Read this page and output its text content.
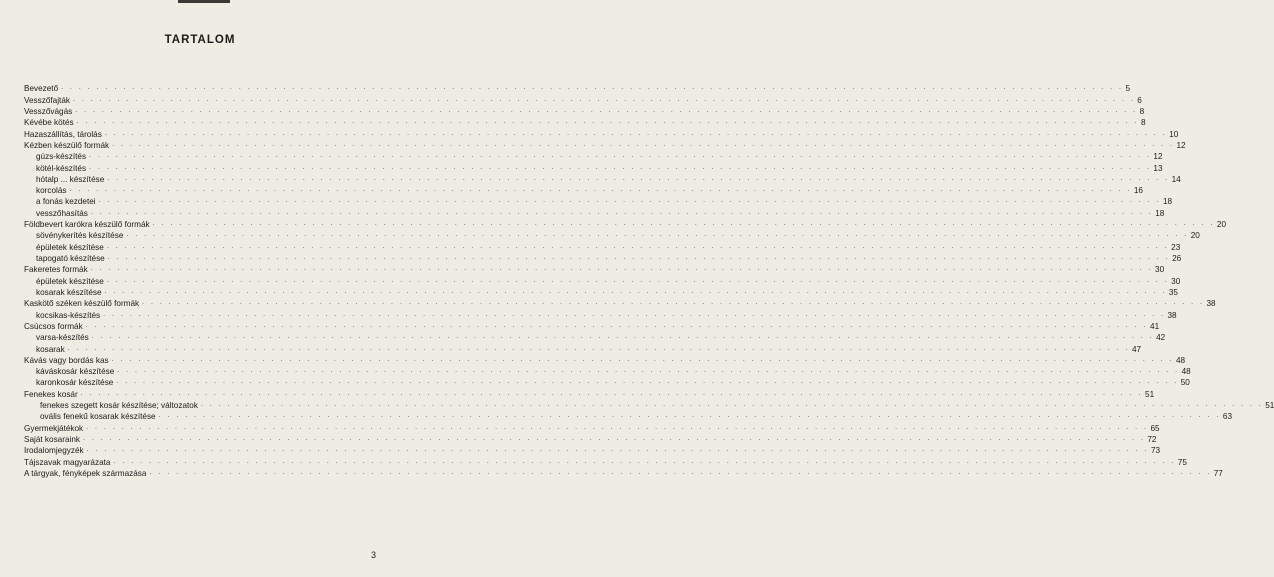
TARTALOM
Bevezető . . . . . . . . . . . . . . . . . . . . . . . . . . . . . . . . . . . . . . . . . . . . . . . . . . . . . . . . . . . . . . . . . . . . . . . . . . . . . . . . . . . . . . . . . . . . . . . . . . . . . . . . . . . . . . . . . . . . . . . . 5
Vesszőfajták . . . . . . . . . . . . . . . . . . . . . . . . . . . . . . . . . . . . . . . . . . . . . . . . . . . . . . . . . . . . . . . . . . . . . . . . . . . . . . . . . . . . . . . . . . . . . . . . . . . . . . . . . . . . . . . . . . . . . . . . 6
Vesszővágás . . . . . . . . . . . . . . . . . . . . . . . . . . . . . . . . . . . . . . . . . . . . . . . . . . . . . . . . . . . . . . . . . . . . . . . . . . . . . . . . . . . . . . . . . . . . . . . . . . . . . . . . . . . . . . . . . . . . . . . . 8
Kévébe kötés . . . . . . . . . . . . . . . . . . . . . . . . . . . . . . . . . . . . . . . . . . . . . . . . . . . . . . . . . . . . . . . . . . . . . . . . . . . . . . . . . . . . . . . . . . . . . . . . . . . . . . . . . . . . . . . . . . . . . . . . 8
Hazaszállítás, tárolás . . . . . . . . . . . . . . . . . . . . . . . . . . . . . . . . . . . . . . . . . . . . . . . . . . . . . . . . . . . . . . . . . . . . . . . . . . . . . . . . . . . . . . . . . . . . . . . . . . . . . . . . . . . . . . . . . . . . . . . . 10
Kézben készülő formák . . . . . . . . . . . . . . . . . . . . . . . . . . . . . . . . . . . . . . . . . . . . . . . . . . . . . . . . . . . . . . . . . . . . . . . . . . . . . . . . . . . . . . . . . . . . . . . . . . . . . . . . . . . . . . . . . . . . . . . . 12
gúzs-készítés . . . . . . . . . . . . . . . . . . . . . . . . . . . . . . . . . . . . . . . . . . . . . . . . . . . . . . . . . . . . . . . . . . . . . . . . . . . . . . . . . . . . . . . . . . . . . . . . . . . . . . . . . . . . . . . . . . . . . . . . 12
kötél-készítés . . . . . . . . . . . . . . . . . . . . . . . . . . . . . . . . . . . . . . . . . . . . . . . . . . . . . . . . . . . . . . . . . . . . . . . . . . . . . . . . . . . . . . . . . . . . . . . . . . . . . . . . . . . . . . . . . . . . . . . . 13
hótalp ... készítése . . . . . . . . . . . . . . . . . . . . . . . . . . . . . . . . . . . . . . . . . . . . . . . . . . . . . . . . . . . . . . . . . . . . . . . . . . . . . . . . . . . . . . . . . . . . . . . . . . . . . . . . . . . . . . . . . . . . . . . . 14
korcolás . . . . . . . . . . . . . . . . . . . . . . . . . . . . . . . . . . . . . . . . . . . . . . . . . . . . . . . . . . . . . . . . . . . . . . . . . . . . . . . . . . . . . . . . . . . . . . . . . . . . . . . . . . . . . . . . . . . . . . . . 16
a fonás kezdetei . . . . . . . . . . . . . . . . . . . . . . . . . . . . . . . . . . . . . . . . . . . . . . . . . . . . . . . . . . . . . . . . . . . . . . . . . . . . . . . . . . . . . . . . . . . . . . . . . . . . . . . . . . . . . . . . . . . . . . . . 18
vesszőhasítás . . . . . . . . . . . . . . . . . . . . . . . . . . . . . . . . . . . . . . . . . . . . . . . . . . . . . . . . . . . . . . . . . . . . . . . . . . . . . . . . . . . . . . . . . . . . . . . . . . . . . . . . . . . . . . . . . . . . . . . . 18
Földbevert karókra készülő formák . . . . . . . . . . . . . . . . . . . . . . . . . . . . . . . . . . . . . . . . . . . . . . . . . . . . . . . . . . . . . . . . . . . . . . . . . . . . . . . . . . . . . . . . . . . . . . . . . . . . . . . . . . . . . . . . . . . . . . . . 20
sövénykerítés készítése . . . . . . . . . . . . . . . . . . . . . . . . . . . . . . . . . . . . . . . . . . . . . . . . . . . . . . . . . . . . . . . . . . . . . . . . . . . . . . . . . . . . . . . . . . . . . . . . . . . . . . . . . . . . . . . . . . . . . . . . 20
épületek készítése . . . . . . . . . . . . . . . . . . . . . . . . . . . . . . . . . . . . . . . . . . . . . . . . . . . . . . . . . . . . . . . . . . . . . . . . . . . . . . . . . . . . . . . . . . . . . . . . . . . . . . . . . . . . . . . . . . . . . . . . 23
tapogató készítése . . . . . . . . . . . . . . . . . . . . . . . . . . . . . . . . . . . . . . . . . . . . . . . . . . . . . . . . . . . . . . . . . . . . . . . . . . . . . . . . . . . . . . . . . . . . . . . . . . . . . . . . . . . . . . . . . . . . . . . . 26
Fakeretes formák . . . . . . . . . . . . . . . . . . . . . . . . . . . . . . . . . . . . . . . . . . . . . . . . . . . . . . . . . . . . . . . . . . . . . . . . . . . . . . . . . . . . . . . . . . . . . . . . . . . . . . . . . . . . . . . . . . . . . . . . 30
épületek készítése . . . . . . . . . . . . . . . . . . . . . . . . . . . . . . . . . . . . . . . . . . . . . . . . . . . . . . . . . . . . . . . . . . . . . . . . . . . . . . . . . . . . . . . . . . . . . . . . . . . . . . . . . . . . . . . . . . . . . . . . 30
kosarak készítése . . . . . . . . . . . . . . . . . . . . . . . . . . . . . . . . . . . . . . . . . . . . . . . . . . . . . . . . . . . . . . . . . . . . . . . . . . . . . . . . . . . . . . . . . . . . . . . . . . . . . . . . . . . . . . . . . . . . . . . . 35
Kaskötő széken készülő formák . . . . . . . . . . . . . . . . . . . . . . . . . . . . . . . . . . . . . . . . . . . . . . . . . . . . . . . . . . . . . . . . . . . . . . . . . . . . . . . . . . . . . . . . . . . . . . . . . . . . . . . . . . . . . . . . . . . . . . . . 38
kocsikas-készítés . . . . . . . . . . . . . . . . . . . . . . . . . . . . . . . . . . . . . . . . . . . . . . . . . . . . . . . . . . . . . . . . . . . . . . . . . . . . . . . . . . . . . . . . . . . . . . . . . . . . . . . . . . . . . . . . . . . . . . . . 38
Csúcsos formák . . . . . . . . . . . . . . . . . . . . . . . . . . . . . . . . . . . . . . . . . . . . . . . . . . . . . . . . . . . . . . . . . . . . . . . . . . . . . . . . . . . . . . . . . . . . . . . . . . . . . . . . . . . . . . . . . . . . . . . . 41
varsa-készítés . . . . . . . . . . . . . . . . . . . . . . . . . . . . . . . . . . . . . . . . . . . . . . . . . . . . . . . . . . . . . . . . . . . . . . . . . . . . . . . . . . . . . . . . . . . . . . . . . . . . . . . . . . . . . . . . . . . . . . . . 42
kosarak . . . . . . . . . . . . . . . . . . . . . . . . . . . . . . . . . . . . . . . . . . . . . . . . . . . . . . . . . . . . . . . . . . . . . . . . . . . . . . . . . . . . . . . . . . . . . . . . . . . . . . . . . . . . . . . . . . . . . . . . 47
Kávás vagy bordás kas . . . . . . . . . . . . . . . . . . . . . . . . . . . . . . . . . . . . . . . . . . . . . . . . . . . . . . . . . . . . . . . . . . . . . . . . . . . . . . . . . . . . . . . . . . . . . . . . . . . . . . . . . . . . . . . . . . . . . . . . 48
káváskosár készítése . . . . . . . . . . . . . . . . . . . . . . . . . . . . . . . . . . . . . . . . . . . . . . . . . . . . . . . . . . . . . . . . . . . . . . . . . . . . . . . . . . . . . . . . . . . . . . . . . . . . . . . . . . . . . . . . . . . . . . . . 48
karonkosár készítése . . . . . . . . . . . . . . . . . . . . . . . . . . . . . . . . . . . . . . . . . . . . . . . . . . . . . . . . . . . . . . . . . . . . . . . . . . . . . . . . . . . . . . . . . . . . . . . . . . . . . . . . . . . . . . . . . . . . . . . . 50
Fenekes kosár . . . . . . . . . . . . . . . . . . . . . . . . . . . . . . . . . . . . . . . . . . . . . . . . . . . . . . . . . . . . . . . . . . . . . . . . . . . . . . . . . . . . . . . . . . . . . . . . . . . . . . . . . . . . . . . . . . . . . . . . 51
fenekes szegett kosár készítése; változatok . . . . . . . . . . . . . . . . . . . . . . . . . . . . . . . . . . . . . . . . . . . . . . . . . . . . . . . . . . . . . . . . . . . . . . . . . . . . . . . . . . . . . . . . . . . . . . . . . . . . . . . . . . . . . . . . . . . . . . . . 51
ovális fenekű kosarak készítése . . . . . . . . . . . . . . . . . . . . . . . . . . . . . . . . . . . . . . . . . . . . . . . . . . . . . . . . . . . . . . . . . . . . . . . . . . . . . . . . . . . . . . . . . . . . . . . . . . . . . . . . . . . . . . . . . . . . . . . . 63
Gyermekjátékok . . . . . . . . . . . . . . . . . . . . . . . . . . . . . . . . . . . . . . . . . . . . . . . . . . . . . . . . . . . . . . . . . . . . . . . . . . . . . . . . . . . . . . . . . . . . . . . . . . . . . . . . . . . . . . . . . . . . . . . . 65
Saját kosaraink . . . . . . . . . . . . . . . . . . . . . . . . . . . . . . . . . . . . . . . . . . . . . . . . . . . . . . . . . . . . . . . . . . . . . . . . . . . . . . . . . . . . . . . . . . . . . . . . . . . . . . . . . . . . . . . . . . . . . . . . 72
Irodalomjegyzék . . . . . . . . . . . . . . . . . . . . . . . . . . . . . . . . . . . . . . . . . . . . . . . . . . . . . . . . . . . . . . . . . . . . . . . . . . . . . . . . . . . . . . . . . . . . . . . . . . . . . . . . . . . . . . . . . . . . . . . . 73
Tájszavak magyarázata . . . . . . . . . . . . . . . . . . . . . . . . . . . . . . . . . . . . . . . . . . . . . . . . . . . . . . . . . . . . . . . . . . . . . . . . . . . . . . . . . . . . . . . . . . . . . . . . . . . . . . . . . . . . . . . . . . . . . . . . 75
A tárgyak, fényképek származása . . . . . . . . . . . . . . . . . . . . . . . . . . . . . . . . . . . . . . . . . . . . . . . . . . . . . . . . . . . . . . . . . . . . . . . . . . . . . . . . . . . . . . . . . . . . . . . . . . . . . . . . . . . . . . . . . . . . . . . . 77
3
